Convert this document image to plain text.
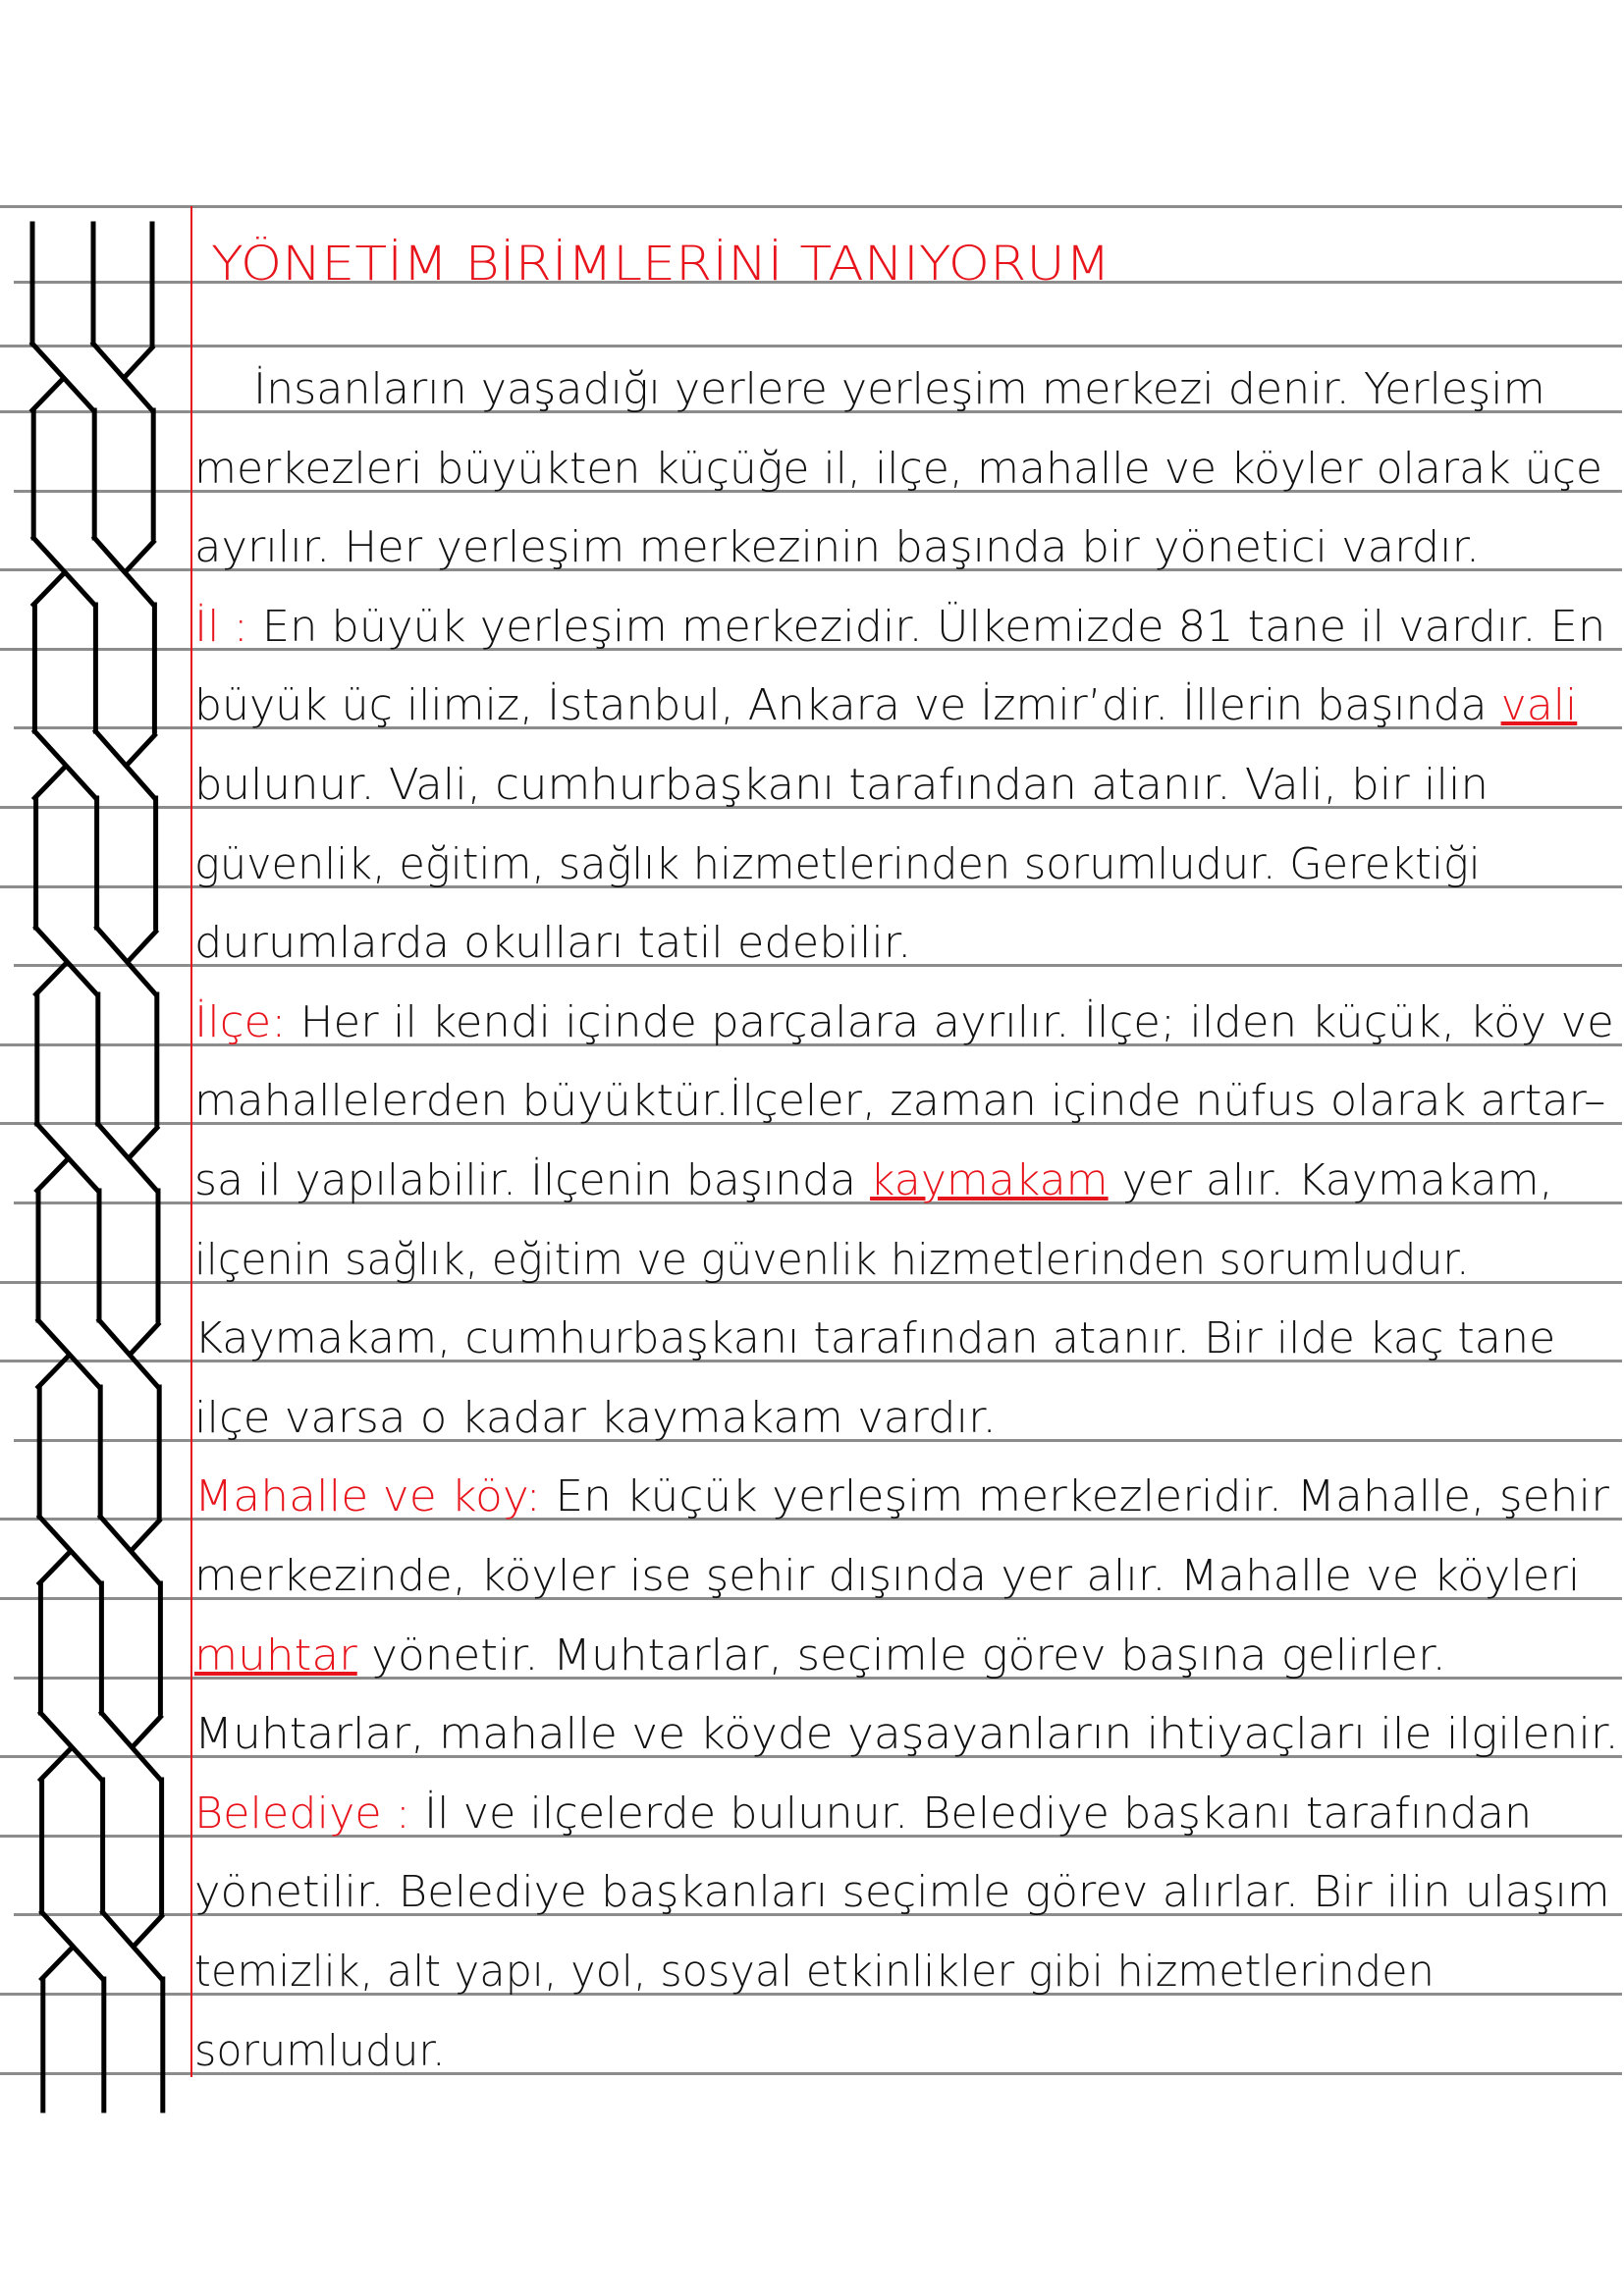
YÖNETİM BİRİMLERİNİ TANIYORUM
İnsanların yaşadığı yerlere yerleşim merkezi denir. Yerleşim
merkezleri büyükten küçüğe il, ilçe, mahalle ve köyler olarak üçe
ayrılır. Her yerleşim merkezinin başında bir yönetici vardır.
İl : En büyük yerleşim merkezidir. Ülkemizde 81 tane il vardır. En
büyük üç ilimiz, İstanbul, Ankara ve İzmir’dir. İllerin başında vali
bulunur. Vali, cumhurbaşkanı tarafından atanır. Vali, bir ilin
güvenlik, eğitim, sağlık hizmetlerinden sorumludur. Gerektiği
durumlarda okulları tatil edebilir.
İlçe: Her il kendi içinde parçalara ayrılır. İlçe; ilden küçük, köy ve
mahallelerden büyüktür.İlçeler, zaman içinde nüfus olarak artar–
sa il yapılabilir. İlçenin başında kaymakam yer alır. Kaymakam,
ilçenin sağlık, eğitim ve güvenlik hizmetlerinden sorumludur.
Kaymakam, cumhurbaşkanı tarafından atanır. Bir ilde kaç tane
ilçe varsa o kadar kaymakam vardır.
Mahalle ve köy: En küçük yerleşim merkezleridir. Mahalle, şehir
merkezinde, köyler ise şehir dışında yer alır. Mahalle ve köyleri
muhtar yönetir. Muhtarlar, seçimle görev başına gelirler.
Muhtarlar, mahalle ve köyde yaşayanların ihtiyaçları ile ilgilenir.
Belediye : İl ve ilçelerde bulunur. Belediye başkanı tarafından
yönetilir. Belediye başkanları seçimle görev alırlar. Bir ilin ulaşım
temizlik, alt yapı, yol, sosyal etkinlikler gibi hizmetlerinden
sorumludur.
